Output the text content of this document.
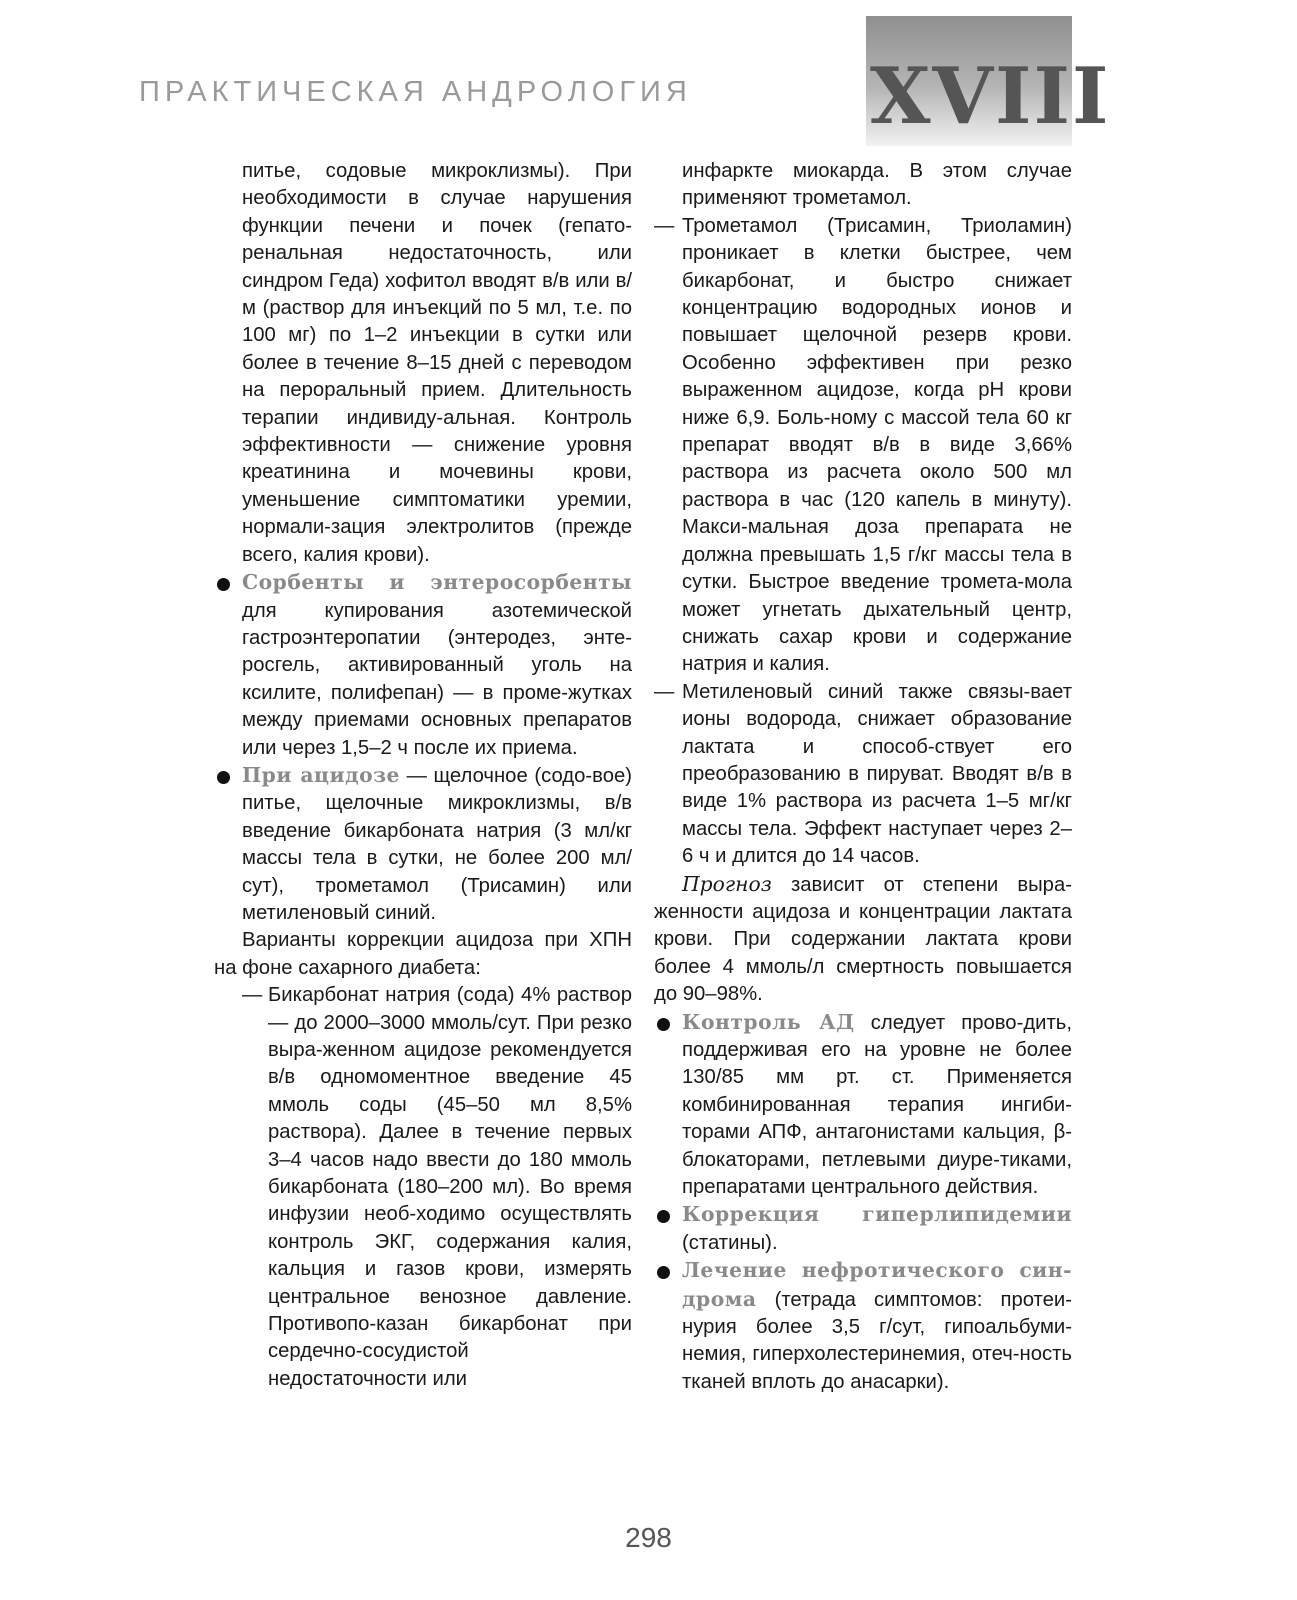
ПРАКТИЧЕСКАЯ АНДРОЛОГИЯ XVIII

питье, содовые микроклизмы). При необходимости в случае нарушения функции печени и почек (гепато-ренальная недостаточность, или синдром Геда) хофитол вводят в/в или в/м (раствор для инъекций по 5 мл, т.е. по 100 мг) по 1–2 инъекции в сутки или более в течение 8–15 дней с переводом на пероральный прием. Длительность терапии индивиду-альная. Контроль эффективности — снижение уровня креатинина и мочевины крови, уменьшение симптоматики уремии, нормали-зация электролитов (прежде всего, калия крови).

Сорбенты и энтеросорбенты для купирования азотемической гастроэнтеропатии (энтеродез, энте-росгель, активированный уголь на ксилите, полифепан) — в проме-жутках между приемами основных препаратов или через 1,5–2 ч после их приема.

При ацидозе — щелочное (содо-вое) питье, щелочные микроклизмы, в/в введение бикарбоната натрия (3 мл/кг массы тела в сутки, не более 200 мл/сут), трометамол (Трисамин) или метиленовый синий.

Варианты коррекции ацидоза при ХПН на фоне сахарного диабета:

— Бикарбонат натрия (сода) 4% раствор — до 2000–3000 ммоль/сут. При резко выра-женном ацидозе рекомендуется в/в одномоментное введение 45 ммоль соды (45–50 мл 8,5% раствора). Далее в течение первых 3–4 часов надо ввести до 180 ммоль бикарбоната (180–200 мл). Во время инфузии необ-ходимо осуществлять контроль ЭКГ, содержания калия, кальция и газов крови, измерять центральное венозное давление. Противопо-казан бикарбонат при сердечно-сосудистой недостаточности или

инфаркте миокарда. В этом случае применяют трометамол.

— Трометамол (Трисамин, Триоламин) проникает в клетки быстрее, чем бикарбонат, и быстро снижает концентрацию водородных ионов и повышает щелочной резерв крови. Особенно эффективен при резко выраженном ацидозе, когда pH крови ниже 6,9. Боль-ному с массой тела 60 кг препарат вводят в/в в виде 3,66% раствора из расчета около 500 мл раствора в час (120 капель в минуту). Макси-мальная доза препарата не должна превышать 1,5 г/кг массы тела в сутки. Быстрое введение тромета-мола может угнетать дыхательный центр, снижать сахар крови и содержание натрия и калия.

— Метиленовый синий также связы-вает ионы водорода, снижает образование лактата и способ-ствует его преобразованию в пируват. Вводят в/в в виде 1% раствора из расчета 1–5 мг/кг массы тела. Эффект наступает через 2–6 ч и длится до 14 часов.

Прогноз зависит от степени выра-женности ацидоза и концентрации лактата крови. При содержании лактата крови более 4 ммоль/л смертность повышается до 90–98%.

Контроль АД следует прово-дить, поддерживая его на уровне не более 130/85 мм рт. ст. Применяется комбинированная терапия ингиби-торами АПФ, антагонистами кальция, β-блокаторами, петлевыми диуре-тиками, препаратами центрального действия.

Коррекция гиперлипидемии (статины).

Лечение нефротического син-дрома (тетрада симптомов: протеи-нурия более 3,5 г/сут, гипоальбуми-немия, гиперхолестеринемия, отеч-ность тканей вплоть до анасарки).

298
